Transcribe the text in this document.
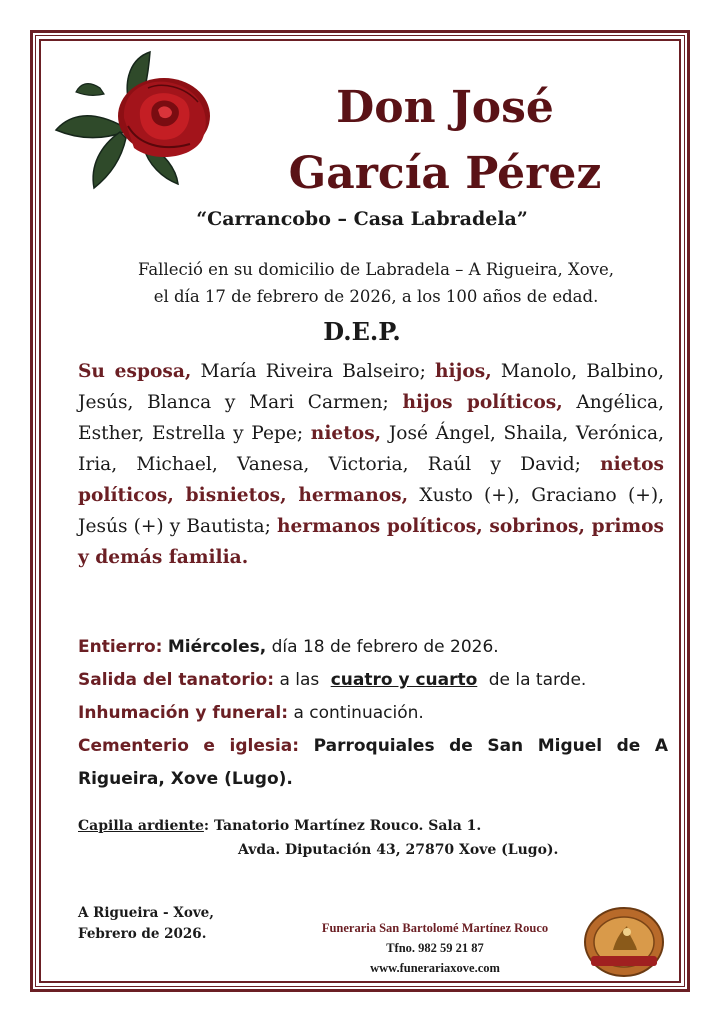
Don José
García Pérez
“Carrancobo – Casa Labradela”
Falleció en su domicilio de Labradela – A Rigueira, Xove,
el día 17 de febrero de 2026, a los 100 años de edad.
D.E.P.
Su esposa, María Riveira Balseiro; hijos, Manolo, Balbino, Jesús, Blanca y Mari Carmen; hijos políticos, Angélica, Esther, Estrella y Pepe; nietos, José Ángel, Shaila, Verónica, Iria, Michael, Vanesa, Victoria, Raúl y David; nietos políticos, bisnietos, hermanos, Xusto (+), Graciano (+), Jesús (+) y Bautista; hermanos políticos, sobrinos, primos y demás familia.
Entierro: Miércoles, día 18 de febrero de 2026.
Salida del tanatorio: a las cuatro y cuarto de la tarde.
Inhumación y funeral: a continuación.
Cementerio e iglesia: Parroquiales de San Miguel de A Rigueira, Xove (Lugo).
Capilla ardiente: Tanatorio Martínez Rouco. Sala 1.
Avda. Diputación 43, 27870 Xove (Lugo).
A Rigueira - Xove,
Febrero de 2026.	Funeraria San Bartolomé Martínez Rouco
Tfno. 982 59 21 87
www.funerariaxove.com
